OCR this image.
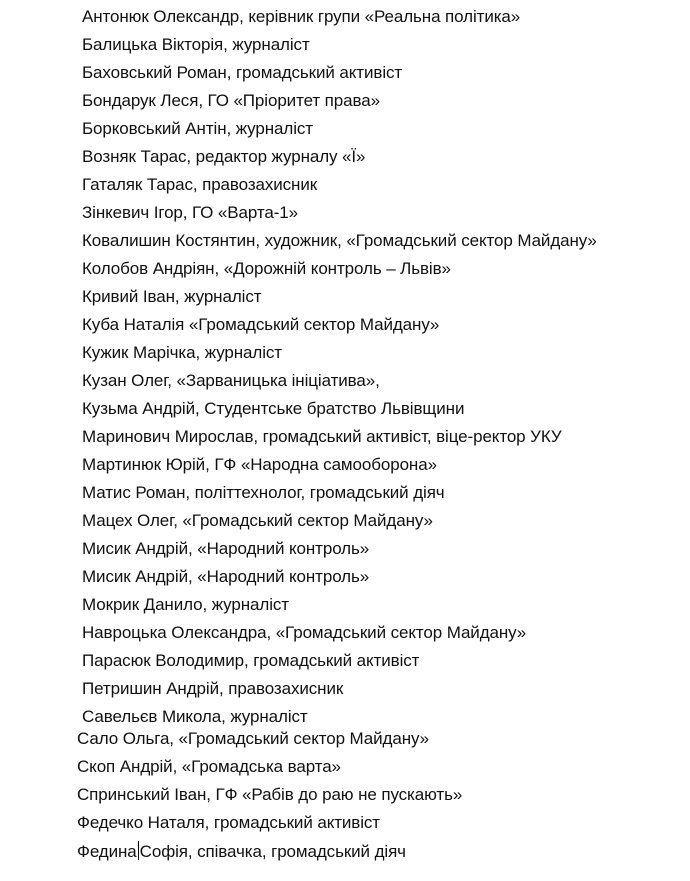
Антонюк Олександр, керівник групи «Реальна політика»
Балицька Вікторія, журналіст
Баховський Роман, громадський активіст
Бондарук Леся, ГО «Пріоритет права»
Борковський Антін, журналіст
Возняк Тарас, редактор журналу «Ї»
Гаталяк Тарас, правозахисник
Зінкевич Ігор, ГО «Варта-1»
Ковалишин Костянтин, художник, «Громадський сектор Майдану»
Колобов Андріян, «Дорожній контроль – Львів»
Кривий Іван, журналіст
Куба Наталія «Громадський сектор Майдану»
Кужик Марічка, журналіст
Кузан Олег, «Зарваницька ініціатива»,
Кузьма Андрій, Студентське братство Львівщини
Маринович Мирослав, громадський активіст, віце-ректор УКУ
Мартинюк Юрій, ГФ «Народна самооборона»
Матис Роман, політтехнолог, громадський діяч
Мацех Олег, «Громадський сектор Майдану»
Мисик Андрій, «Народний контроль»
Мисик Андрій, «Народний контроль»
Мокрик Данило, журналіст
Навроцька Олександра, «Громадський сектор Майдану»
Парасюк Володимир, громадський активіст
Петришин Андрій, правозахисник
Савельєв Микола, журналіст
Сало Ольга, «Громадський сектор Майдану»
Скоп Андрій, «Громадська варта»
Спринський Іван, ГФ «Рабів до раю не пускають»
Федечко Наталя, громадський активіст
Федина Софія, співачка, громадський діяч
